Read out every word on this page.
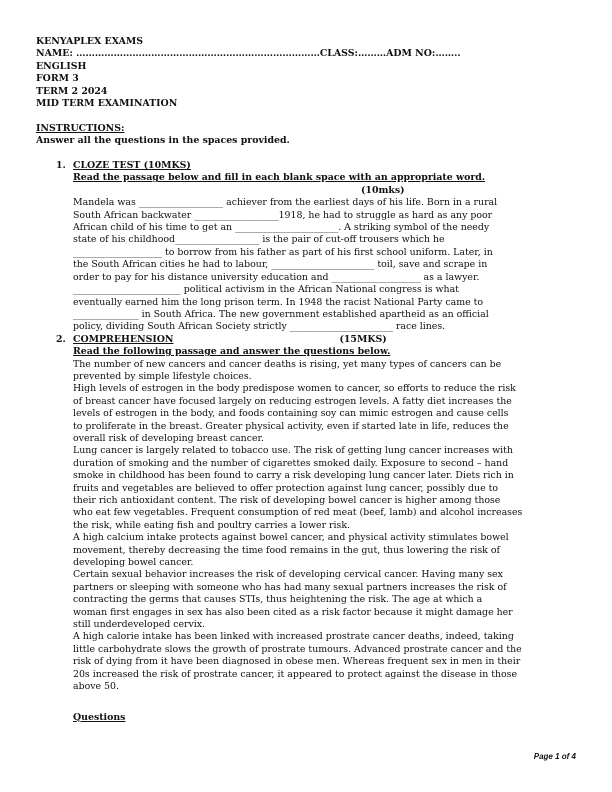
KENYAPLEX EXAMS
NAME: ……………………………………………………………………CLASS:………ADM NO:……..
ENGLISH
FORM 3
TERM 2 2024
MID TERM EXAMINATION
INSTRUCTIONS:
Answer all the questions in the spaces provided.
1. CLOZE TEST (10MKS)
Read the passage below and fill in each blank space with an appropriate word.
(10mks)
Mandela was __________________ achiever from the earliest days of his life. Born in a rural
South African backwater __________________1918, he had to struggle as hard as any poor
African child of his time to get an ______________________. A striking symbol of the needy
state of his childhood__________________ is the pair of cut-off trousers which he
___________________ to borrow from his father as part of his first school uniform. Later, in
the South African cities he had to labour, ______________________ toil, save and scrape in
order to pay for his distance university education and ___________________ as a lawyer.
_______________________ political activism in the African National congress is what
eventually earned him the long prison term. In 1948 the racist National Party came to
______________ in South Africa. The new government established apartheid as an official
policy, dividing South African Society strictly ______________________ race lines.
2. COMPREHENSION	(15MKS)
Read the following passage and answer the questions below.
The number of new cancers and cancer deaths is rising, yet many types of cancers can be
prevented by simple lifestyle choices.
High levels of estrogen in the body predispose women to cancer, so efforts to reduce the risk
of breast cancer have focused largely on reducing estrogen levels. A fatty diet increases the
levels of estrogen in the body, and foods containing soy can mimic estrogen and cause cells
to proliferate in the breast. Greater physical activity, even if started late in life, reduces the
overall risk of developing breast cancer.
Lung cancer is largely related to tobacco use. The risk of getting lung cancer increases with
duration of smoking and the number of cigarettes smoked daily. Exposure to second – hand
smoke in childhood has been found to carry a risk developing lung cancer later. Diets rich in
fruits and vegetables are believed to offer protection against lung cancer, possibly due to
their rich antioxidant content. The risk of developing bowel cancer is higher among those
who eat few vegetables. Frequent consumption of red meat (beef, lamb) and alcohol increases
the risk, while eating fish and poultry carries a lower risk.
A high calcium intake protects against bowel cancer, and physical activity stimulates bowel
movement, thereby decreasing the time food remains in the gut, thus lowering the risk of
developing bowel cancer.
Certain sexual behavior increases the risk of developing cervical cancer. Having many sex
partners or sleeping with someone who has had many sexual partners increases the risk of
contracting the germs that causes STIs, thus heightening the risk. The age at which a
woman first engages in sex has also been cited as a risk factor because it might damage her
still underdeveloped cervix.
A high calorie intake has been linked with increased prostrate cancer deaths, indeed, taking
little carbohydrate slows the growth of prostrate tumours. Advanced prostrate cancer and the
risk of dying from it have been diagnosed in obese men. Whereas frequent sex in men in their
20s increased the risk of prostrate cancer, it appeared to protect against the disease in those
above 50.
Questions
Page 1 of 4
